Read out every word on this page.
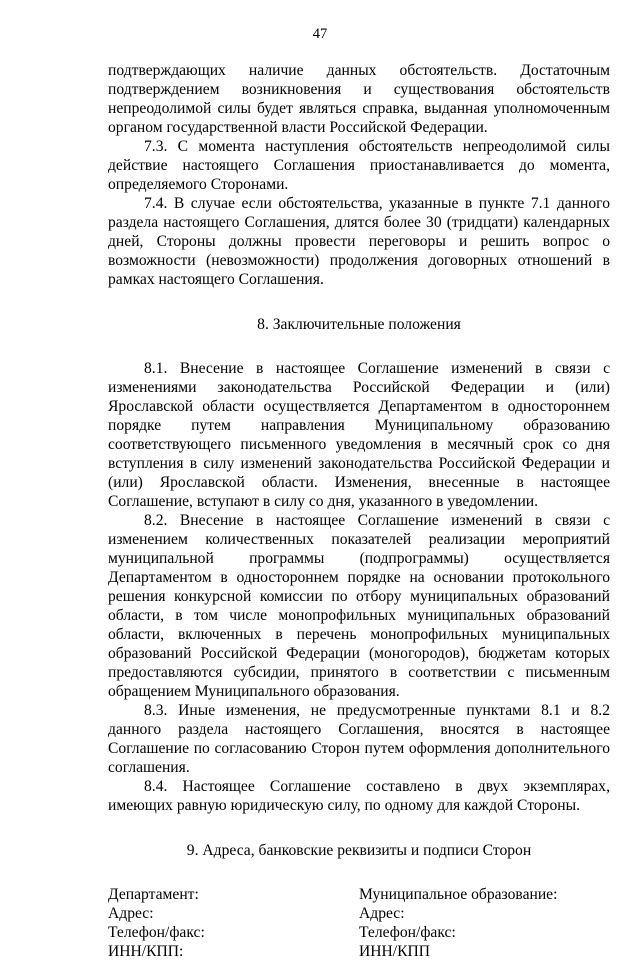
47

подтверждающих наличие данных обстоятельств. Достаточным подтверждением возникновения и существования обстоятельств непреодолимой силы будет являться справка, выданная уполномоченным органом государственной власти Российской Федерации.

7.3. С момента наступления обстоятельств непреодолимой силы действие настоящего Соглашения приостанавливается до момента, определяемого Сторонами.

7.4. В случае если обстоятельства, указанные в пункте 7.1 данного раздела настоящего Соглашения, длятся более 30 (тридцати) календарных дней, Стороны должны провести переговоры и решить вопрос о возможности (невозможности) продолжения договорных отношений в рамках настоящего Соглашения.

8. Заключительные положения

8.1. Внесение в настоящее Соглашение изменений в связи с изменениями законодательства Российской Федерации и (или) Ярославской области осуществляется Департаментом в одностороннем порядке путем направления Муниципальному образованию соответствующего письменного уведомления в месячный срок со дня вступления в силу изменений законодательства Российской Федерации и (или) Ярославской области. Изменения, внесенные в настоящее Соглашение, вступают в силу со дня, указанного в уведомлении.

8.2. Внесение в настоящее Соглашение изменений в связи с изменением количественных показателей реализации мероприятий муниципальной программы (подпрограммы) осуществляется Департаментом в одностороннем порядке на основании протокольного решения конкурсной комиссии по отбору муниципальных образований области, в том числе монопрофильных муниципальных образований области, включенных в перечень монопрофильных муниципальных образований Российской Федерации (моногородов), бюджетам которых предоставляются субсидии, принятого в соответствии с письменным обращением Муниципального образования.

8.3. Иные изменения, не предусмотренные пунктами 8.1 и 8.2 данного раздела настоящего Соглашения, вносятся в настоящее Соглашение по согласованию Сторон путем оформления дополнительного соглашения.

8.4. Настоящее Соглашение составлено в двух экземплярах, имеющих равную юридическую силу, по одному для каждой Стороны.

9. Адреса, банковские реквизиты и подписи Сторон
Департамент:
Адрес:
Телефон/факс:
ИНН/КПП:
Муниципальное образование:
Адрес:
Телефон/факс:
ИНН/КПП
